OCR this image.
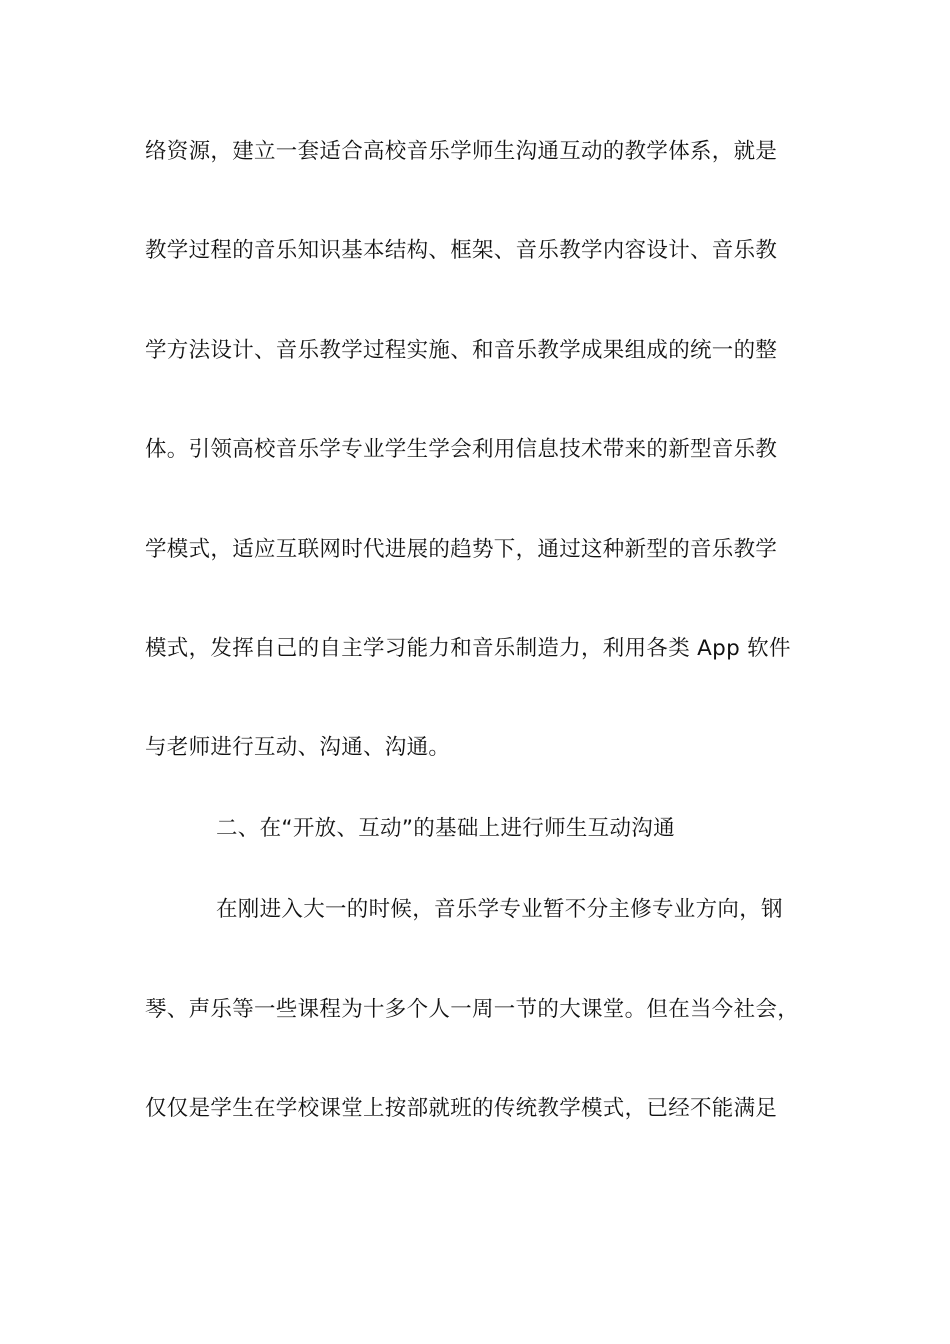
络资源，建立一套适合高校音乐学师生沟通互动的教学体系，就是
教学过程的音乐知识基本结构、框架、音乐教学内容设计、音乐教
学方法设计、音乐教学过程实施、和音乐教学成果组成的统一的整
体。引领高校音乐学专业学生学会利用信息技术带来的新型音乐教
学模式，适应互联网时代进展的趋势下，通过这种新型的音乐教学
模式，发挥自己的自主学习能力和音乐制造力，利用各类 App 软件
与老师进行互动、沟通、沟通。
二、在“开放、互动”的基础上进行师生互动沟通
在刚进入大一的时候，音乐学专业暂不分主修专业方向，钢
琴、声乐等一些课程为十多个人一周一节的大课堂。但在当今社会，
仅仅是学生在学校课堂上按部就班的传统教学模式，已经不能满足
